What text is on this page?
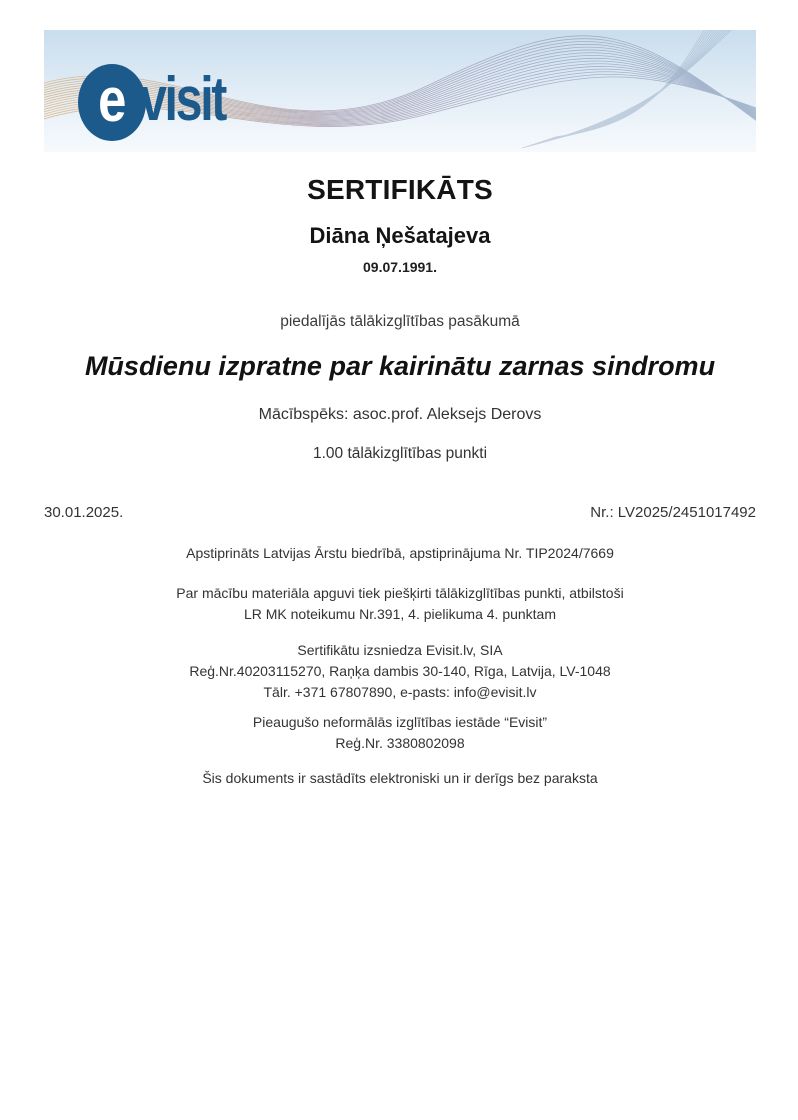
e visit
SERTIFIKĀTS
Diāna Ņešatajeva
09.07.1991.
piedalījās tālākizglītības pasākumā
Mūsdienu izpratne par kairinātu zarnas sindromu
Mācībspēks: asoc.prof. Aleksejs Derovs
1.00 tālākizglītības punkti
30.01.2025.	Nr.: LV2025/2451017492
Apstiprināts Latvijas Ārstu biedrībā, apstiprinājuma Nr. TIP2024/7669
Par mācību materiāla apguvi tiek piešķirti tālākizglītības punkti, atbilstoši
LR MK noteikumu Nr.391, 4. pielikuma 4. punktam
Sertifikātu izsniedza Evisit.lv, SIA
Reģ.Nr.40203115270, Raņķa dambis 30-140, Rīga, Latvija, LV-1048
Tālr. +371 67807890, e-pasts: info@evisit.lv
Pieaugušo neformālās izglītības iestāde “Evisit”
Reģ.Nr. 3380802098
Šis dokuments ir sastādīts elektroniski un ir derīgs bez paraksta
